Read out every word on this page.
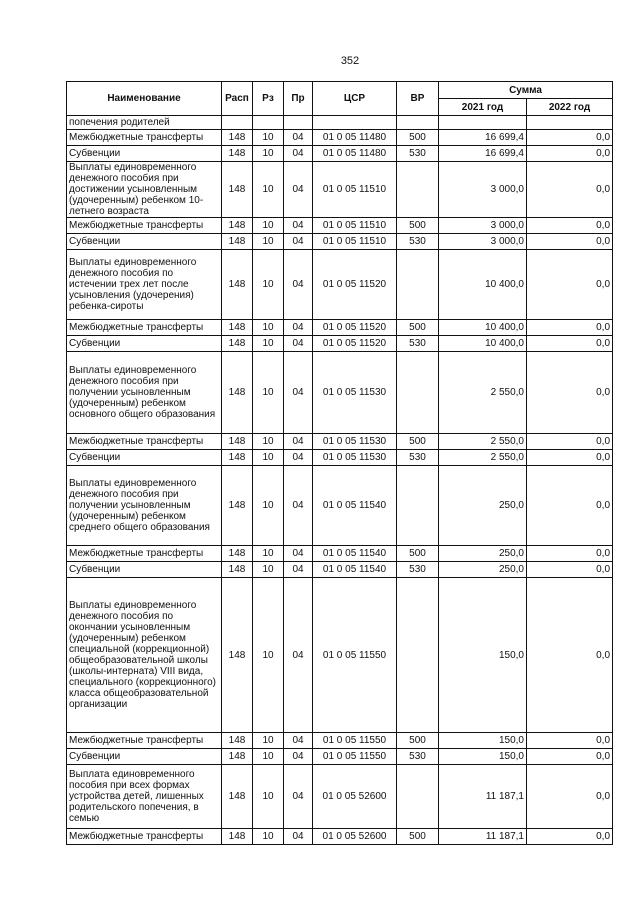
352
Наименование	Расп	Рз	Пр	ЦСР	ВР	Сумма	
						2021 год	2022 год
попечения родителей							
Межбюджетные трансферты	148	10	04	01 0 05 11480	500	16 699,4	0,0
Субвенции	148	10	04	01 0 05 11480	530	16 699,4	0,0
Выплаты единовременного денежного пособия при достижении усыновленным (удочеренным) ребенком 10-летнего возраста	148	10	04	01 0 05 11510		3 000,0	0,0
Межбюджетные трансферты	148	10	04	01 0 05 11510	500	3 000,0	0,0
Субвенции	148	10	04	01 0 05 11510	530	3 000,0	0,0
Выплаты единовременного денежного пособия по истечении трех лет после усыновления (удочерения) ребенка-сироты	148	10	04	01 0 05 11520		10 400,0	0,0
Межбюджетные трансферты	148	10	04	01 0 05 11520	500	10 400,0	0,0
Субвенции	148	10	04	01 0 05 11520	530	10 400,0	0,0
Выплаты единовременного денежного пособия при получении усыновленным (удочеренным) ребенком основного общего образования	148	10	04	01 0 05 11530		2 550,0	0,0
Межбюджетные трансферты	148	10	04	01 0 05 11530	500	2 550,0	0,0
Субвенции	148	10	04	01 0 05 11530	530	2 550,0	0,0
Выплаты единовременного денежного пособия при получении усыновленным (удочеренным) ребенком среднего общего образования	148	10	04	01 0 05 11540		250,0	0,0
Межбюджетные трансферты	148	10	04	01 0 05 11540	500	250,0	0,0
Субвенции	148	10	04	01 0 05 11540	530	250,0	0,0
Выплаты единовременного денежного пособия по окончании усыновленным (удочеренным) ребенком специальной (коррекционной) общеобразовательной школы (школы-интерната) VIII вида, специального (коррекционного) класса общеобразовательной организации	148	10	04	01 0 05 11550		150,0	0,0
Межбюджетные трансферты	148	10	04	01 0 05 11550	500	150,0	0,0
Субвенции	148	10	04	01 0 05 11550	530	150,0	0,0
Выплата единовременного пособия при всех формах устройства детей, лишенных родительского попечения, в семью	148	10	04	01 0 05 52600		11 187,1	0,0
Межбюджетные трансферты	148	10	04	01 0 05 52600	500	11 187,1	0,0
